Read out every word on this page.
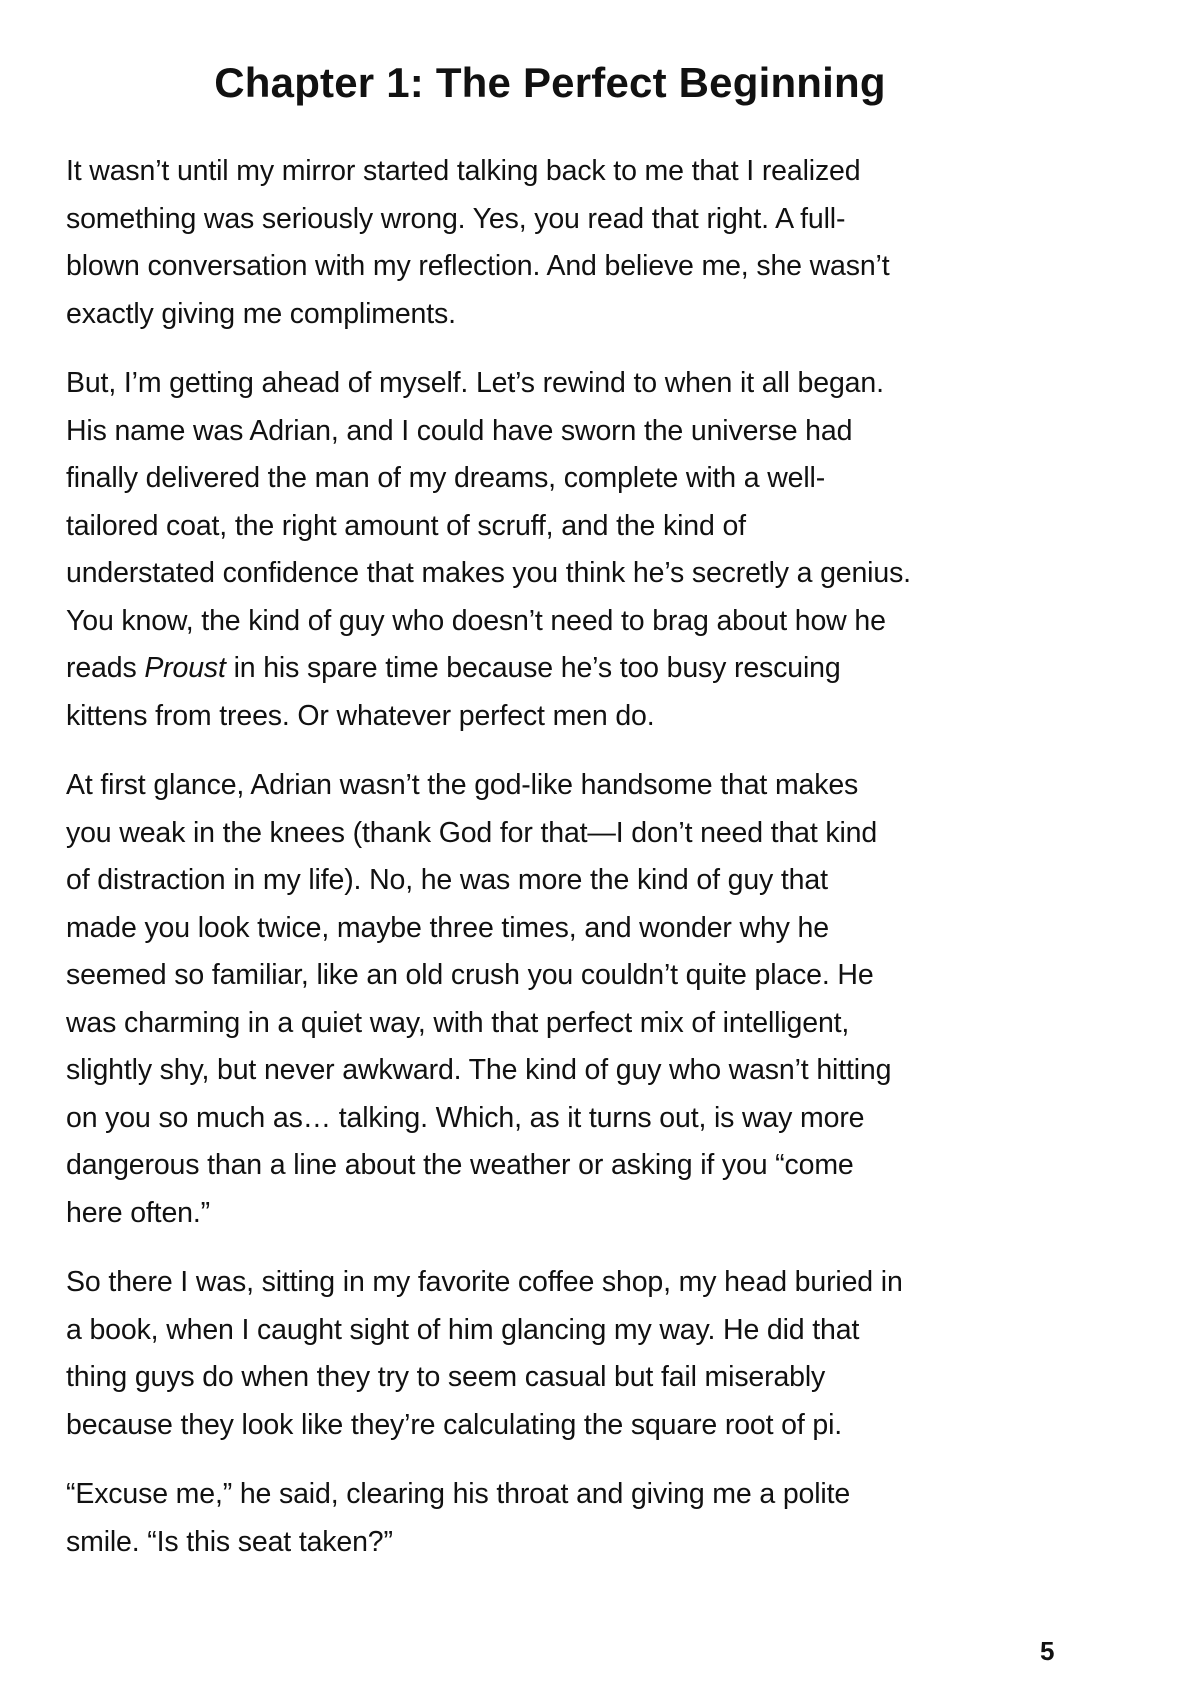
Chapter 1: The Perfect Beginning

It wasn’t until my mirror started talking back to me that I realized
something was seriously wrong. Yes, you read that right. A full-
blown conversation with my reflection. And believe me, she wasn’t
exactly giving me compliments.

But, I’m getting ahead of myself. Let’s rewind to when it all began.
His name was Adrian, and I could have sworn the universe had
finally delivered the man of my dreams, complete with a well-
tailored coat, the right amount of scruff, and the kind of
understated confidence that makes you think he’s secretly a genius.
You know, the kind of guy who doesn’t need to brag about how he
reads Proust in his spare time because he’s too busy rescuing
kittens from trees. Or whatever perfect men do.

At first glance, Adrian wasn’t the god-like handsome that makes
you weak in the knees (thank God for that—I don’t need that kind
of distraction in my life). No, he was more the kind of guy that
made you look twice, maybe three times, and wonder why he
seemed so familiar, like an old crush you couldn’t quite place. He
was charming in a quiet way, with that perfect mix of intelligent,
slightly shy, but never awkward. The kind of guy who wasn’t hitting
on you so much as… talking. Which, as it turns out, is way more
dangerous than a line about the weather or asking if you “come
here often.”

So there I was, sitting in my favorite coffee shop, my head buried in
a book, when I caught sight of him glancing my way. He did that
thing guys do when they try to seem casual but fail miserably
because they look like they’re calculating the square root of pi.

“Excuse me,” he said, clearing his throat and giving me a polite
smile. “Is this seat taken?”

5
